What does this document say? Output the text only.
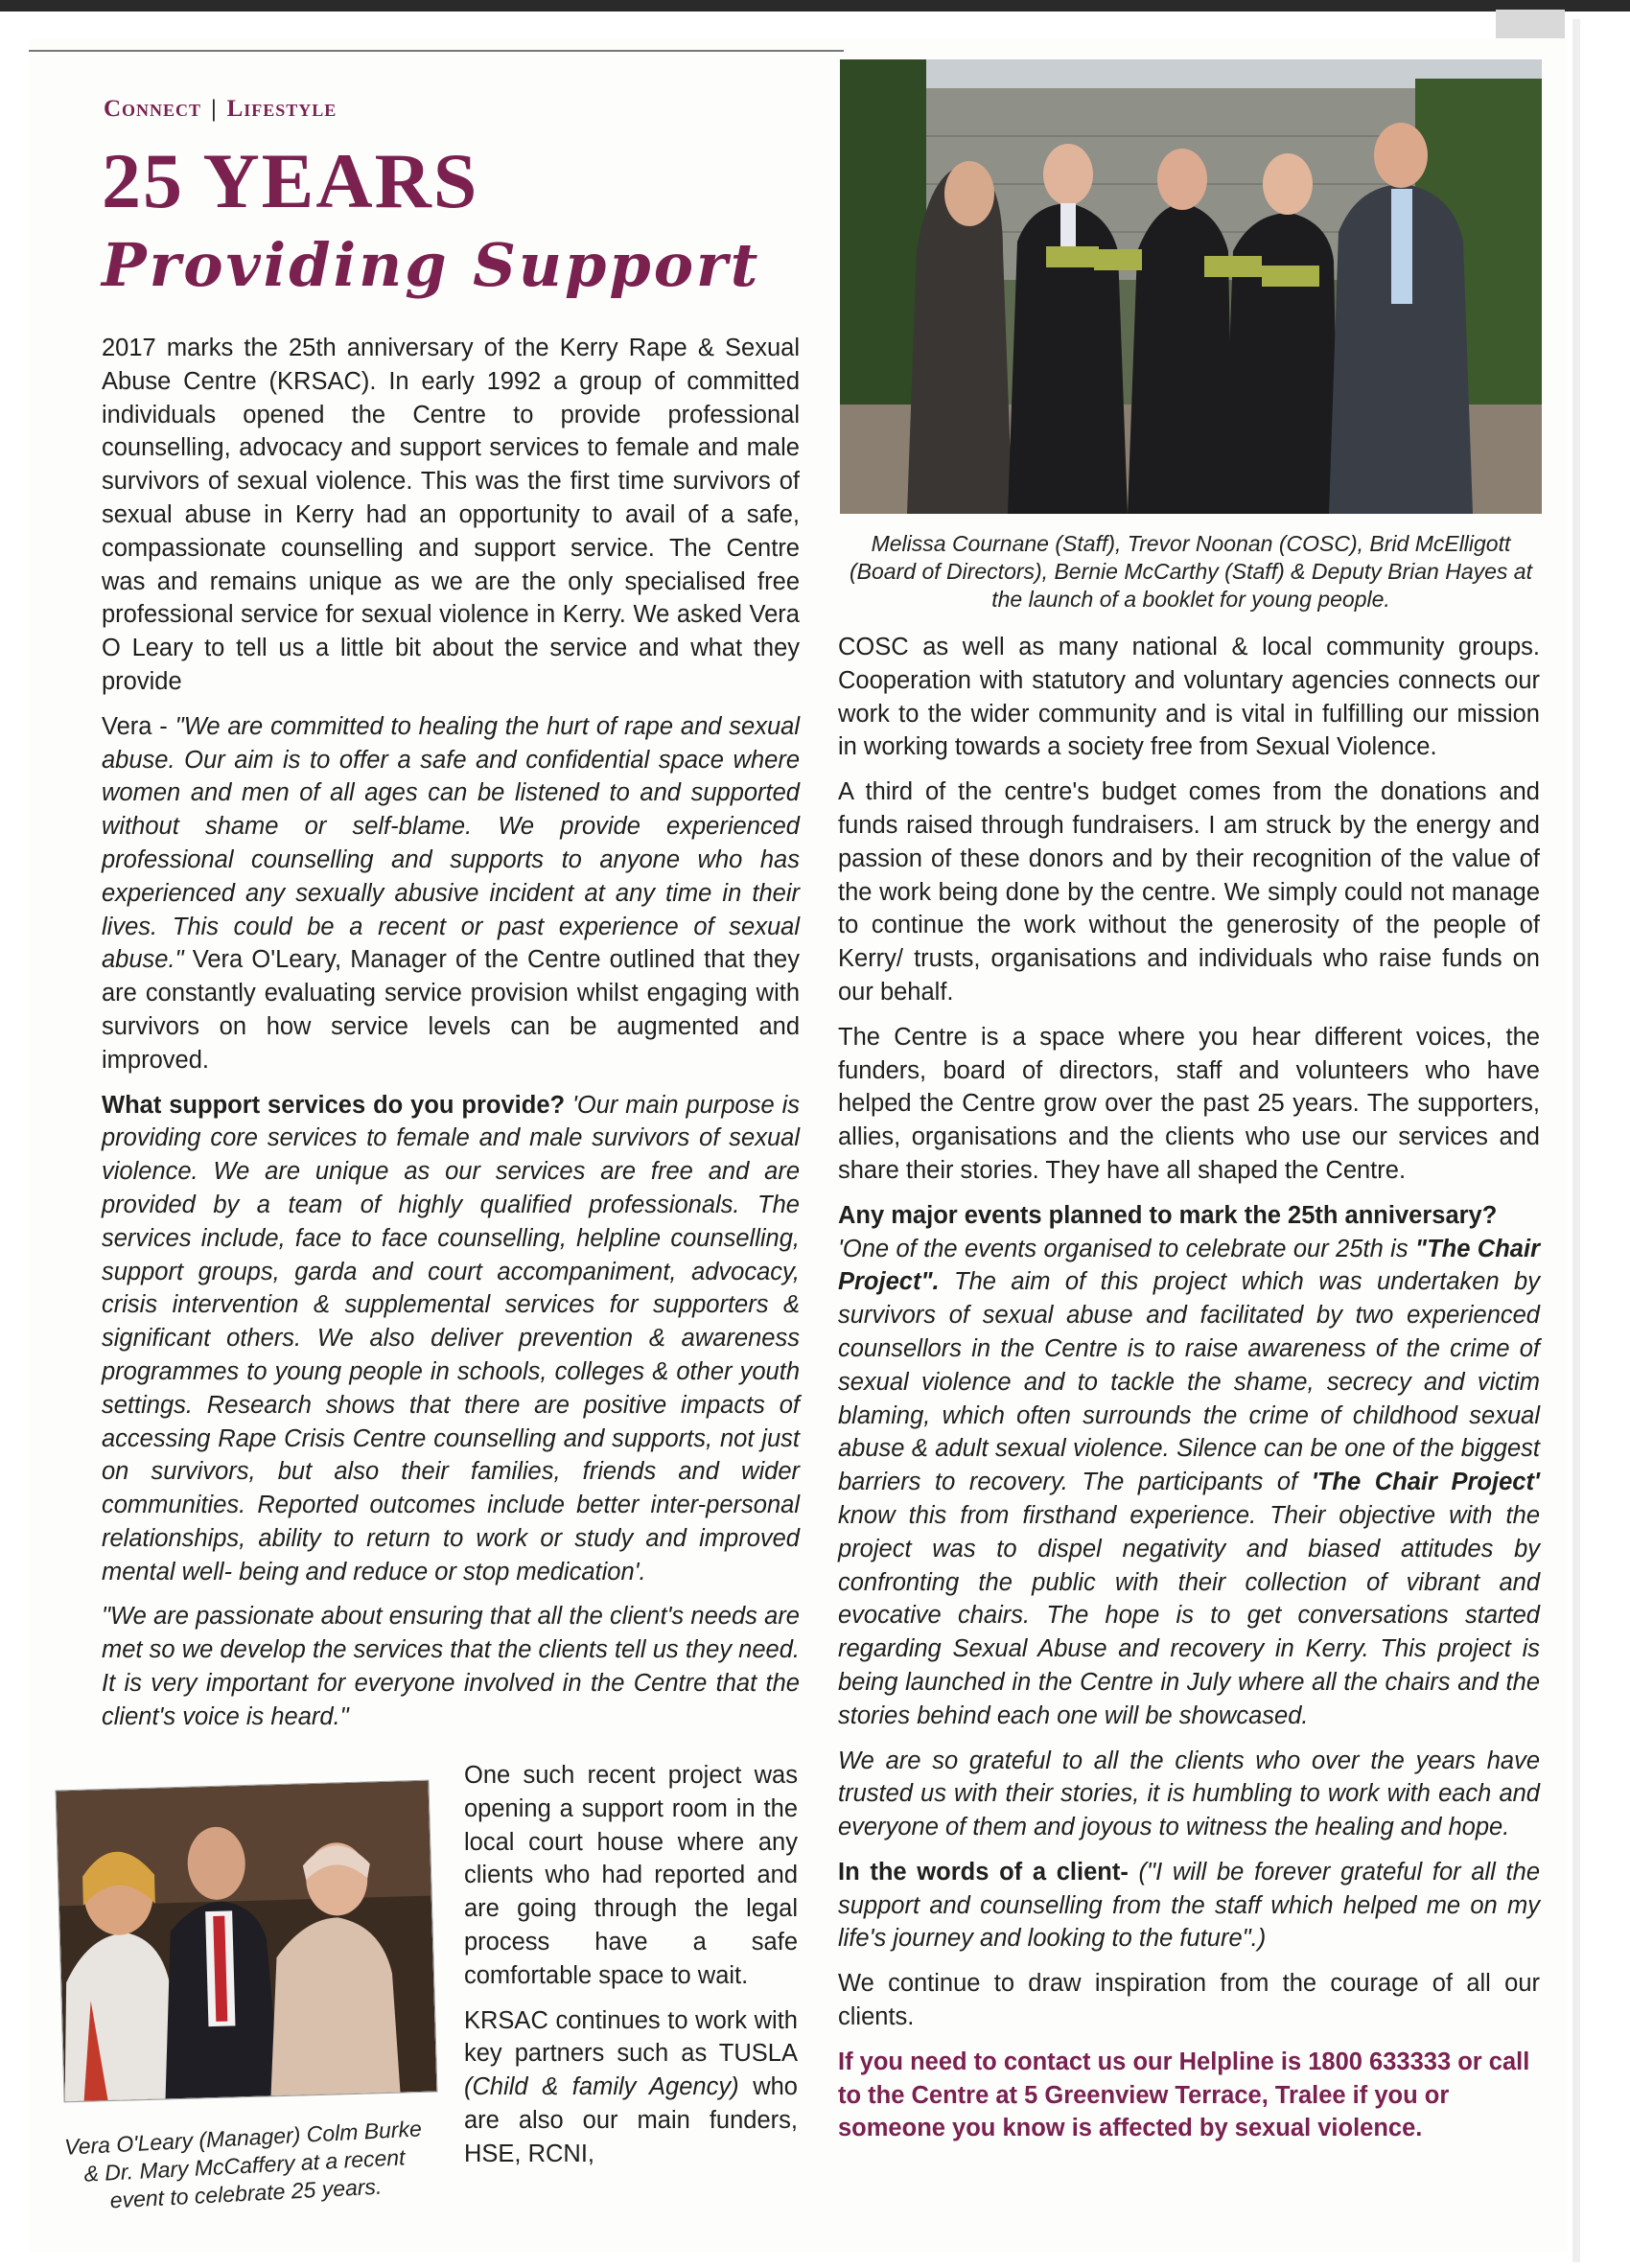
Connect | Lifestyle
25 YEARS
Providing Support
Melissa Cournane (Staff), Trevor Noonan (COSC), Brid McElligott (Board of Directors), Bernie McCarthy (Staff) & Deputy Brian Hayes at the launch of a booklet for young people.

2017 marks the 25th anniversary of the Kerry Rape & Sexual Abuse Centre (KRSAC). In early 1992 a group of committed individuals opened the Centre to provide professional counselling, advocacy and support services to female and male survivors of sexual violence. This was the first time survivors of sexual abuse in Kerry had an opportunity to avail of a safe, compassionate counselling and support service. The Centre was and remains unique as we are the only specialised free professional service for sexual violence in Kerry. We asked Vera O Leary to tell us a little bit about the service and what they provide

Vera - "We are committed to healing the hurt of rape and sexual abuse. Our aim is to offer a safe and confidential space where women and men of all ages can be listened to and supported without shame or self-blame. We provide experienced professional counselling and supports to anyone who has experienced any sexually abusive incident at any time in their lives. This could be a recent or past experience of sexual abuse." Vera O'Leary, Manager of the Centre outlined that they are constantly evaluating service provision whilst engaging with survivors on how service levels can be augmented and improved.

What support services do you provide? 'Our main purpose is providing core services to female and male survivors of sexual violence. We are unique as our services are free and are provided by a team of highly qualified professionals. The services include, face to face counselling, helpline counselling, support groups, garda and court accompaniment, advocacy, crisis intervention & supplemental services for supporters & significant others. We also deliver prevention & awareness programmes to young people in schools, colleges & other youth settings. Research shows that there are positive impacts of accessing Rape Crisis Centre counselling and supports, not just on survivors, but also their families, friends and wider communities. Reported outcomes include better inter-personal relationships, ability to return to work or study and improved mental well- being and reduce or stop medication'.

"We are passionate about ensuring that all the client's needs are met so we develop the services that the clients tell us they need. It is very important for everyone involved in the Centre that the client's voice is heard."

Vera O'Leary (Manager) Colm Burke & Dr. Mary McCaffery at a recent event to celebrate 25 years.

One such recent project was opening a support room in the local court house where any clients who had reported and are going through the legal process have a safe comfortable space to wait.

KRSAC continues to work with key partners such as TUSLA (Child & family Agency) who are also our main funders, HSE, RCNI,

COSC as well as many national & local community groups. Cooperation with statutory and voluntary agencies connects our work to the wider community and is vital in fulfilling our mission in working towards a society free from Sexual Violence.

A third of the centre's budget comes from the donations and funds raised through fundraisers. I am struck by the energy and passion of these donors and by their recognition of the value of the work being done by the centre. We simply could not manage to continue the work without the generosity of the people of Kerry/ trusts, organisations and individuals who raise funds on our behalf.

The Centre is a space where you hear different voices, the funders, board of directors, staff and volunteers who have helped the Centre grow over the past 25 years. The supporters, allies, organisations and the clients who use our services and share their stories. They have all shaped the Centre.

Any major events planned to mark the 25th anniversary?
'One of the events organised to celebrate our 25th is "The Chair Project". The aim of this project which was undertaken by survivors of sexual abuse and facilitated by two experienced counsellors in the Centre is to raise awareness of the crime of sexual violence and to tackle the shame, secrecy and victim blaming, which often surrounds the crime of childhood sexual abuse & adult sexual violence. Silence can be one of the biggest barriers to recovery. The participants of 'The Chair Project' know this from firsthand experience. Their objective with the project was to dispel negativity and biased attitudes by confronting the public with their collection of vibrant and evocative chairs. The hope is to get conversations started regarding Sexual Abuse and recovery in Kerry. This project is being launched in the Centre in July where all the chairs and the stories behind each one will be showcased.

We are so grateful to all the clients who over the years have trusted us with their stories, it is humbling to work with each and everyone of them and joyous to witness the healing and hope.

In the words of a client- ("I will be forever grateful for all the support and counselling from the staff which helped me on my life's journey and looking to the future".)

We continue to draw inspiration from the courage of all our clients.

If you need to contact us our Helpline is 1800 633333 or call to the Centre at 5 Greenview Terrace, Tralee if you or someone you know is affected by sexual violence.
